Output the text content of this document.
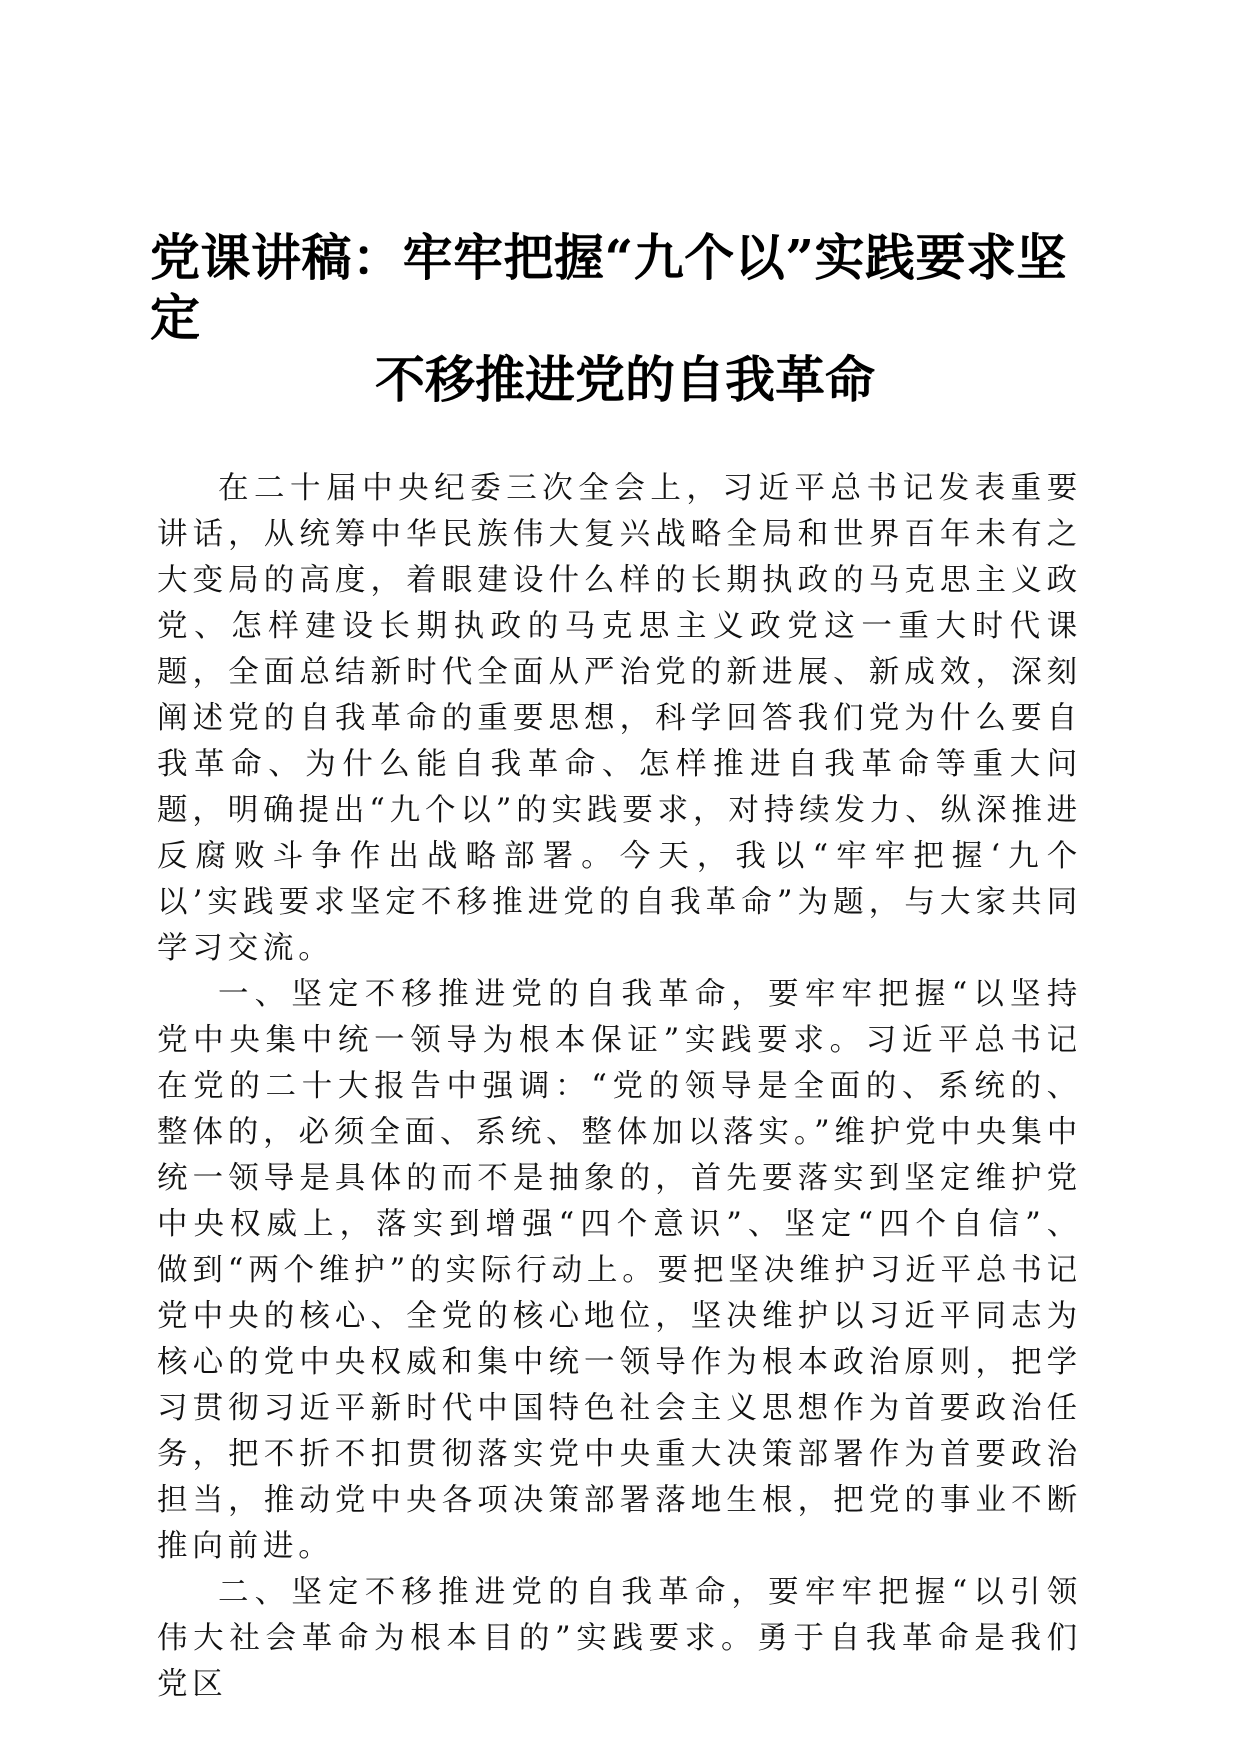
党课讲稿：牢牢把握“九个以”实践要求坚定
不移推进党的自我革命

在二十届中央纪委三次全会上，习近平总书记发表重要讲话，从统筹中华民族伟大复兴战略全局和世界百年未有之大变局的高度，着眼建设什么样的长期执政的马克思主义政党、怎样建设长期执政的马克思主义政党这一重大时代课题，全面总结新时代全面从严治党的新进展、新成效，深刻阐述党的自我革命的重要思想，科学回答我们党为什么要自我革命、为什么能自我革命、怎样推进自我革命等重大问题，明确提出“九个以”的实践要求，对持续发力、纵深推进反腐败斗争作出战略部署。今天，我以“牢牢把握‘九个以’实践要求坚定不移推进党的自我革命”为题，与大家共同学习交流。

一、坚定不移推进党的自我革命，要牢牢把握“以坚持党中央集中统一领导为根本保证”实践要求。习近平总书记在党的二十大报告中强调：“党的领导是全面的、系统的、整体的，必须全面、系统、整体加以落实。”维护党中央集中统一领导是具体的而不是抽象的，首先要落实到坚定维护党中央权威上，落实到增强“四个意识”、坚定“四个自信”、做到“两个维护”的实际行动上。要把坚决维护习近平总书记党中央的核心、全党的核心地位，坚决维护以习近平同志为核心的党中央权威和集中统一领导作为根本政治原则，把学习贯彻习近平新时代中国特色社会主义思想作为首要政治任务，把不折不扣贯彻落实党中央重大决策部署作为首要政治担当，推动党中央各项决策部署落地生根，把党的事业不断推向前进。

二、坚定不移推进党的自我革命，要牢牢把握“以引领伟大社会革命为根本目的”实践要求。勇于自我革命是我们党区
